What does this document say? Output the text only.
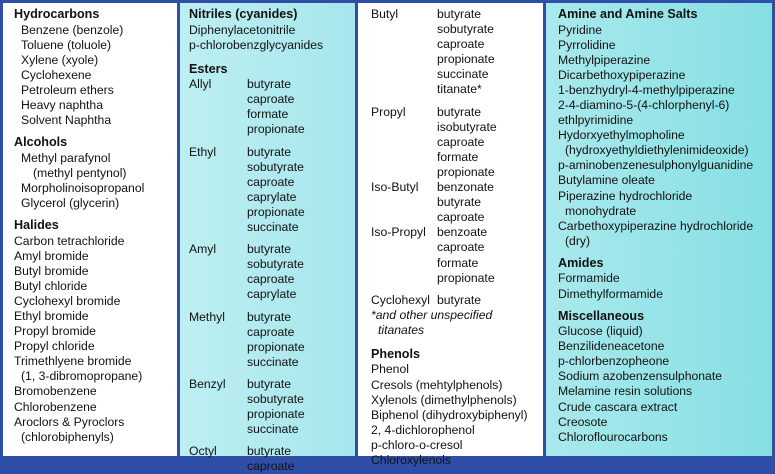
Hydrocarbons
Benzene (benzole)
Toluene (toluole)
Xylene (xyole)
Cyclohexene
Petroleum ethers
Heavy naphtha
Solvent Naphtha
Alcohols
Methyl parafynol
(methyl pentynol)
Morpholinoisopropanol
Glycerol (glycerin)
Halides
Carbon tetrachloride
Amyl bromide
Butyl bromide
Butyl chloride
Cyclohexyl bromide
Ethyl bromide
Propyl bromide
Propyl chloride
Trimethlyene bromide
(1, 3-dibromopropane)
Bromobenzene
Chlorobenzene
Aroclors & Pyroclors
(chlorobiphenyls)
Nitriles (cyanides)
Diphenylacetonitrile
p-chlorobenzglycyanides
Esters
Allyl	butyrate
caproate
formate
propionate
Ethyl	butyrate
sobutyrate
caproate
caprylate
propionate
succinate
Amyl	butyrate
sobutyrate
caproate
caprylate
Methyl	butyrate
caproate
propionate
succinate
Benzyl	butyrate
sobutyrate
propionate
succinate
Octyl	butyrate
caproate
Butyl	butyrate
sobutyrate
caproate
propionate
succinate
titanate*
Propyl	butyrate
isobutyrate
caproate
formate
propionate
Iso-Butyl	benzonate
butyrate
caproate
Iso-Propyl benzoate
caproate
formate
propionate
Cyclohexyl butyrate
*and other unspecified
titanates
Phenols
Phenol
Cresols (mehtylphenols)
Xylenols (dimethylphenols)
Biphenol (dihydroxybiphenyl)
2, 4-dichlorophenol
p-chloro-o-cresol
Chloroxylenols
Amine and Amine Salts
Pyridine
Pyrrolidine
Methylpiperazine
Dicarbethoxypiperazine
1-benzhydryl-4-methylpiperazine
2-4-diamino-5-(4-chlorphenyl-6)
ethlpyrimidine
Hydorxyethylmopholine
(hydroxyethyldiethylenimideoxide)
p-aminobenzenesulphonylguanidine
Butylamine oleate
Piperazine hydrochloride
monohydrate
Carbethoxypiperazine hydrochloride
(dry)
Amides
Formamide
Dimethylformamide
Miscellaneous
Glucose (liquid)
Benzilideneacetone
p-chlorbenzopheone
Sodium azobenzensulphonate
Melamine resin solutions
Crude cascara extract
Creosote
Chloroflourocarbons
